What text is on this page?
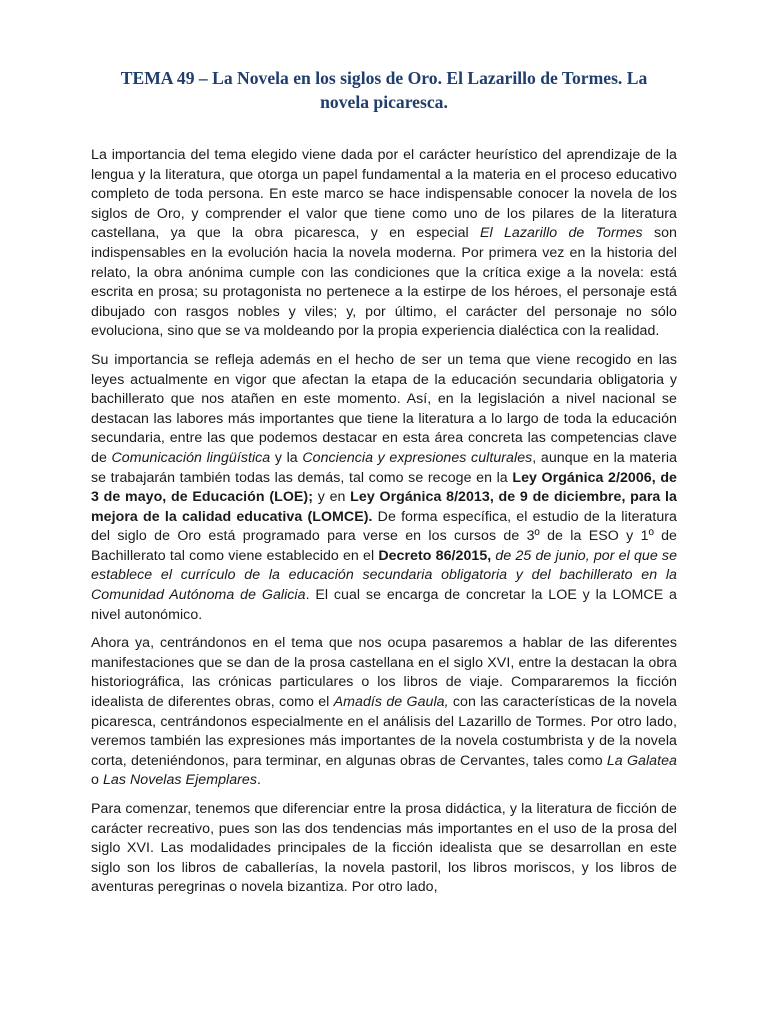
TEMA 49 – La Novela en los siglos de Oro. El Lazarillo de Tormes. La novela picaresca.

La importancia del tema elegido viene dada por el carácter heurístico del aprendizaje de la lengua y la literatura, que otorga un papel fundamental a la materia en el proceso educativo completo de toda persona. En este marco se hace indispensable conocer la novela de los siglos de Oro, y comprender el valor que tiene como uno de los pilares de la literatura castellana, ya que la obra picaresca, y en especial El Lazarillo de Tormes son indispensables en la evolución hacia la novela moderna. Por primera vez en la historia del relato, la obra anónima cumple con las condiciones que la crítica exige a la novela: está escrita en prosa; su protagonista no pertenece a la estirpe de los héroes, el personaje está dibujado con rasgos nobles y viles; y, por último, el carácter del personaje no sólo evoluciona, sino que se va moldeando por la propia experiencia dialéctica con la realidad.

Su importancia se refleja además en el hecho de ser un tema que viene recogido en las leyes actualmente en vigor que afectan la etapa de la educación secundaria obligatoria y bachillerato que nos atañen en este momento. Así, en la legislación a nivel nacional se destacan las labores más importantes que tiene la literatura a lo largo de toda la educación secundaria, entre las que podemos destacar en esta área concreta las competencias clave de Comunicación lingüística y la Conciencia y expresiones culturales, aunque en la materia se trabajarán también todas las demás, tal como se recoge en la Ley Orgánica 2/2006, de 3 de mayo, de Educación (LOE); y en Ley Orgánica 8/2013, de 9 de diciembre, para la mejora de la calidad educativa (LOMCE). De forma específica, el estudio de la literatura del siglo de Oro está programado para verse en los cursos de 3º de la ESO y 1º de Bachillerato tal como viene establecido en el Decreto 86/2015, de 25 de junio, por el que se establece el currículo de la educación secundaria obligatoria y del bachillerato en la Comunidad Autónoma de Galicia. El cual se encarga de concretar la LOE y la LOMCE a nivel autonómico.

Ahora ya, centrándonos en el tema que nos ocupa pasaremos a hablar de las diferentes manifestaciones que se dan de la prosa castellana en el siglo XVI, entre la destacan la obra historiográfica, las crónicas particulares o los libros de viaje. Compararemos la ficción idealista de diferentes obras, como el Amadís de Gaula, con las características de la novela picaresca, centrándonos especialmente en el análisis del Lazarillo de Tormes. Por otro lado, veremos también las expresiones más importantes de la novela costumbrista y de la novela corta, deteniéndonos, para terminar, en algunas obras de Cervantes, tales como La Galatea o Las Novelas Ejemplares.

Para comenzar, tenemos que diferenciar entre la prosa didáctica, y la literatura de ficción de carácter recreativo, pues son las dos tendencias más importantes en el uso de la prosa del siglo XVI. Las modalidades principales de la ficción idealista que se desarrollan en este siglo son los libros de caballerías, la novela pastoril, los libros moriscos, y los libros de aventuras peregrinas o novela bizantiza. Por otro lado,
